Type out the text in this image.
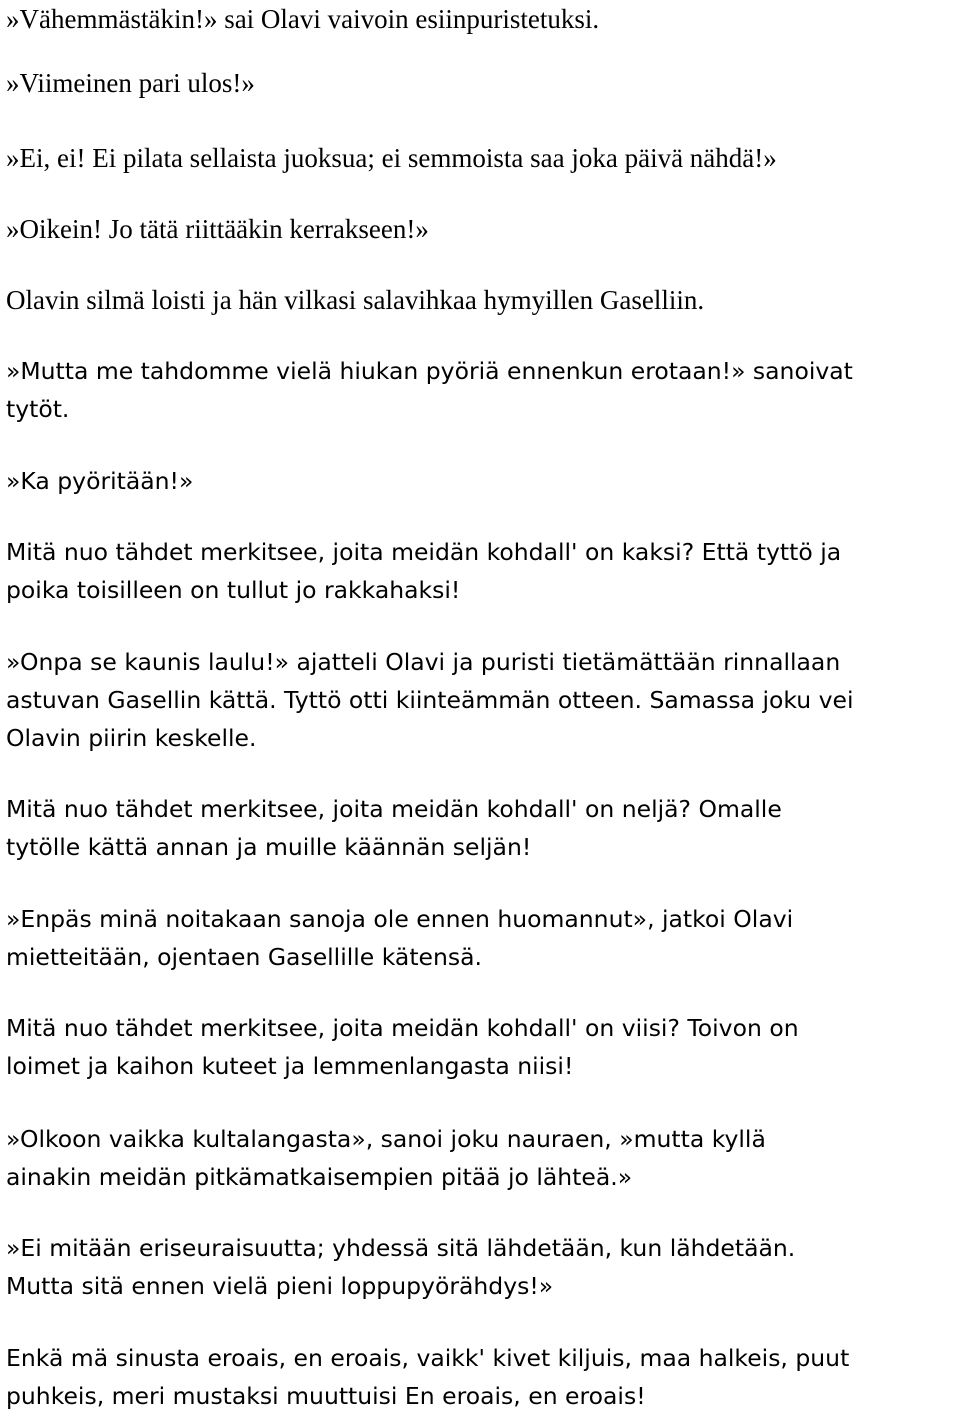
»Vähemmästäkin!» sai Olavi vaivoin esiinpuristetuksi.
»Viimeinen pari ulos!»
»Ei, ei! Ei pilata sellaista juoksua; ei semmoista saa joka päivä nähdä!»
»Oikein! Jo tätä riittääkin kerrakseen!»
Olavin silmä loisti ja hän vilkasi salavihkaa hymyillen Gaselliin.
»Mutta me tahdomme vielä hiukan pyöriä ennenkun erotaan!» sanoivat
tytöt.
»Ka pyöritään!»
Mitä nuo tähdet merkitsee, joita meidän kohdall' on kaksi? Että tyttö ja
poika toisilleen on tullut jo rakkahaksi!
»Onpa se kaunis laulu!» ajatteli Olavi ja puristi tietämättään rinnallaan
astuvan Gasellin kättä. Tyttö otti kiinteämmän otteen. Samassa joku vei
Olavin piirin keskelle.
Mitä nuo tähdet merkitsee, joita meidän kohdall' on neljä? Omalle
tytölle kättä annan ja muille käännän seljän!
»Enpäs minä noitakaan sanoja ole ennen huomannut», jatkoi Olavi
mietteitään, ojentaen Gasellille kätensä.
Mitä nuo tähdet merkitsee, joita meidän kohdall' on viisi? Toivon on
loimet ja kaihon kuteet ja lemmenlangasta niisi!
»Olkoon vaikka kultalangasta», sanoi joku nauraen, »mutta kyllä
ainakin meidän pitkämatkaisempien pitää jo lähteä.»
»Ei mitään eriseuraisuutta; yhdessä sitä lähdetään, kun lähdetään.
Mutta sitä ennen vielä pieni loppupyörähdys!»
Enkä mä sinusta eroais, en eroais, vaikk' kivet kiljuis, maa halkeis, puut
puhkeis, meri mustaksi muuttuisi En eroais, en eroais!
